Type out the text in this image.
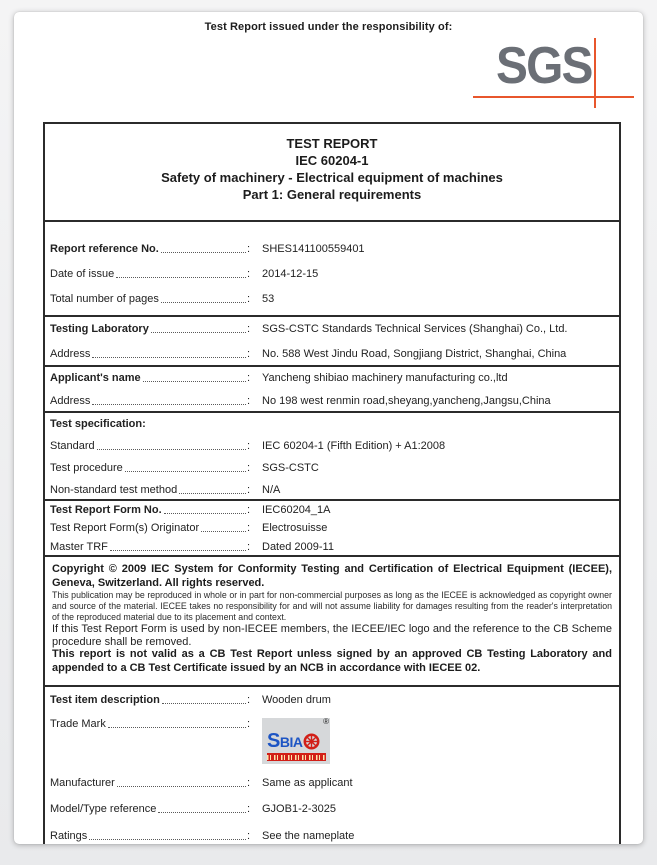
Test Report issued under the responsibility of:
SGS
TEST REPORT
IEC 60204-1
Safety of machinery - Electrical equipment of machines
Part 1: General requirements
Report reference No.	:	SHES141100559401
Date of issue	:	2014-12-15
Total number of pages	:	53
Testing Laboratory	:	SGS-CSTC Standards Technical Services (Shanghai) Co., Ltd.
Address	:	No. 588 West Jindu Road, Songjiang District, Shanghai, China
Applicant's name	:	Yancheng shibiao machinery manufacturing co.,ltd
Address	:	No 198 west renmin road,sheyang,yancheng,Jangsu,China
Test specification:
Standard	:	IEC 60204-1 (Fifth Edition) + A1:2008
Test procedure	:	SGS-CSTC
Non-standard test method	:	N/A
Test Report Form No.	:	IEC60204_1A
Test Report Form(s) Originator	:	Electrosuisse
Master TRF	:	Dated 2009-11

Copyright © 2009 IEC System for Conformity Testing and Certification of Electrical Equipment (IECEE), Geneva, Switzerland. All rights reserved.

This publication may be reproduced in whole or in part for non-commercial purposes as long as the IECEE is acknowledged as copyright owner and source of the material. IECEE takes no responsibility for and will not assume liability for damages resulting from the reader's interpretation of the reproduced material due to its placement and context.

If this Test Report Form is used by non-IECEE members, the IECEE/IEC logo and the reference to the CB Scheme procedure shall be removed.

This report is not valid as a CB Test Report unless signed by an approved CB Testing Laboratory and appended to a CB Test Certificate issued by an NCB in accordance with IECEE 02.

Test item description	:	Wooden drum
Trade Mark	:	®
SBIA
Manufacturer	:	Same as applicant
Model/Type reference	:	GJOB1-2-3025
Ratings	:	See the nameplate
